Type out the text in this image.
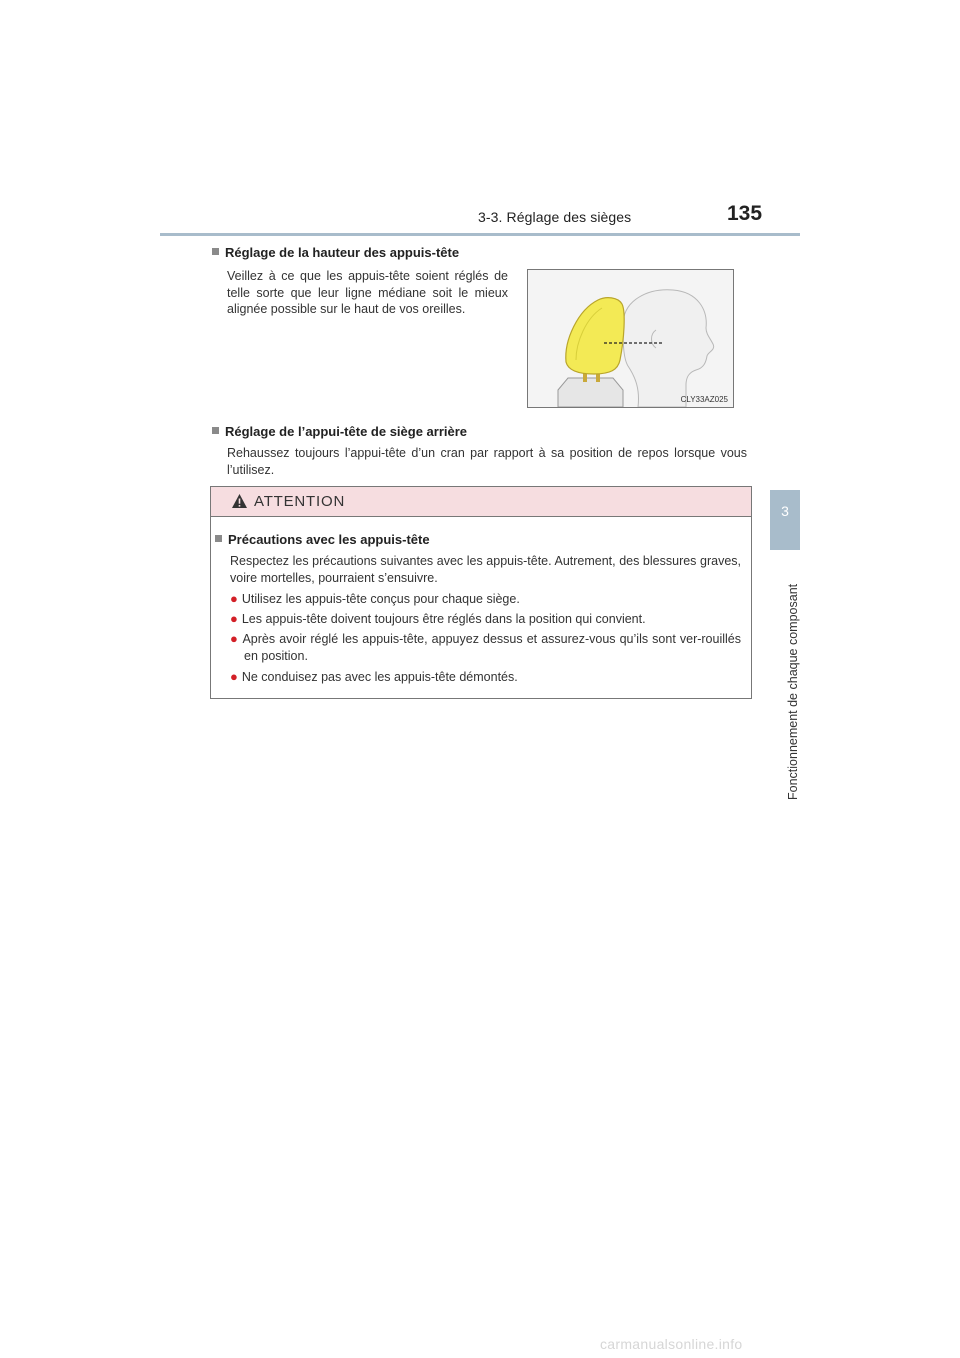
3-3. Réglage des sièges	135
3
Fonctionnement de chaque composant
Réglage de la hauteur des appuis-tête
Veillez à ce que les appuis-tête soient réglés de telle sorte que leur ligne médiane soit le mieux alignée possible sur le haut de vos oreilles.
CLY33AZ025
Réglage de l’appui-tête de siège arrière
Rehaussez toujours l’appui-tête d’un cran par rapport à sa position de repos lorsque vous l’utilisez.
ATTENTION
Précautions avec les appuis-tête
Respectez les précautions suivantes avec les appuis-tête. Autrement, des blessures graves, voire mortelles, pourraient s’ensuivre.
● Utilisez les appuis-tête conçus pour chaque siège.
● Les appuis-tête doivent toujours être réglés dans la position qui convient.
● Après avoir réglé les appuis-tête, appuyez dessus et assurez-vous qu’ils sont ver-rouillés en position.
● Ne conduisez pas avec les appuis-tête démontés.
carmanualsonline.info
